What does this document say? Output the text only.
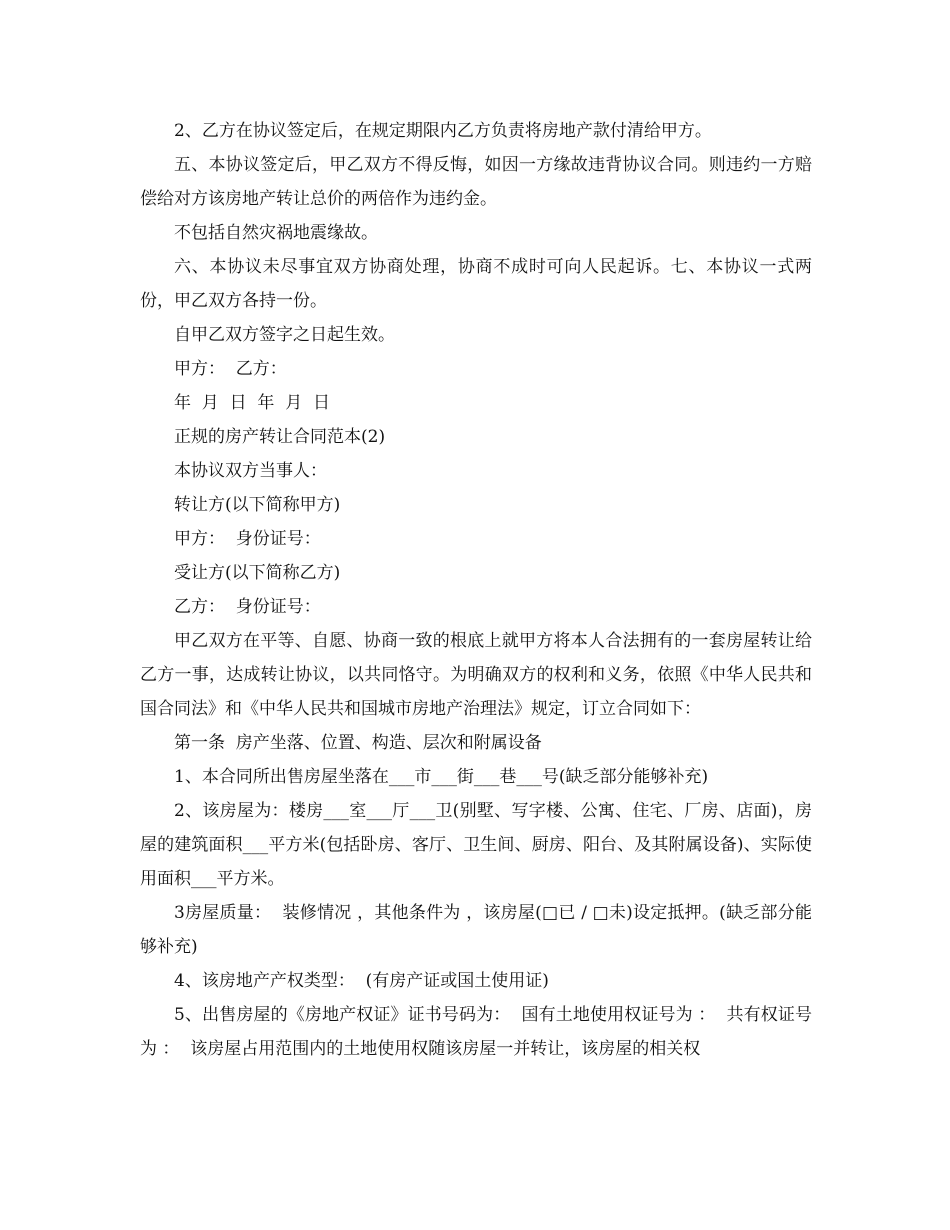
2、乙方在协议签定后，在规定期限内乙方负责将房地产款付清给甲方。

五、本协议签定后，甲乙双方不得反悔，如因一方缘故违背协议合同。则违约一方赔偿给对方该房地产转让总价的两倍作为违约金。

不包括自然灾祸地震缘故。

六、本协议未尽事宜双方协商处理，协商不成时可向人民起诉。七、本协议一式两份，甲乙双方各持一份。

自甲乙双方签字之日起生效。

甲方：  乙方：

年  月  日  年  月  日

正规的房产转让合同范本(2)

本协议双方当事人：

转让方(以下简称甲方)

甲方：  身份证号：

受让方(以下简称乙方)

乙方：  身份证号：

甲乙双方在平等、自愿、协商一致的根底上就甲方将本人合法拥有的一套房屋转让给乙方一事，达成转让协议，以共同恪守。为明确双方的权利和义务，依照《中华人民共和国合同法》和《中华人民共和国城市房地产治理法》规定，订立合同如下：

第一条  房产坐落、位置、构造、层次和附属设备

1、本合同所出售房屋坐落在___市___街___巷___号(缺乏部分能够补充)

2、该房屋为：楼房___室___厅___卫(别墅、写字楼、公寓、住宅、厂房、店面)，房屋的建筑面积___平方米(包括卧房、客厅、卫生间、厨房、阳台、及其附属设备)、实际使用面积___平方米。

3房屋质量：  装修情况 ，其他条件为 ，该房屋(□已 / □未)设定抵押。(缺乏部分能够补充)

4、该房地产产权类型：  (有房产证或国土使用证)

5、出售房屋的《房地产权证》证书号码为：  国有土地使用权证号为 ：  共有权证号为 ：  该房屋占用范围内的土地使用权随该房屋一并转让，该房屋的相关权
